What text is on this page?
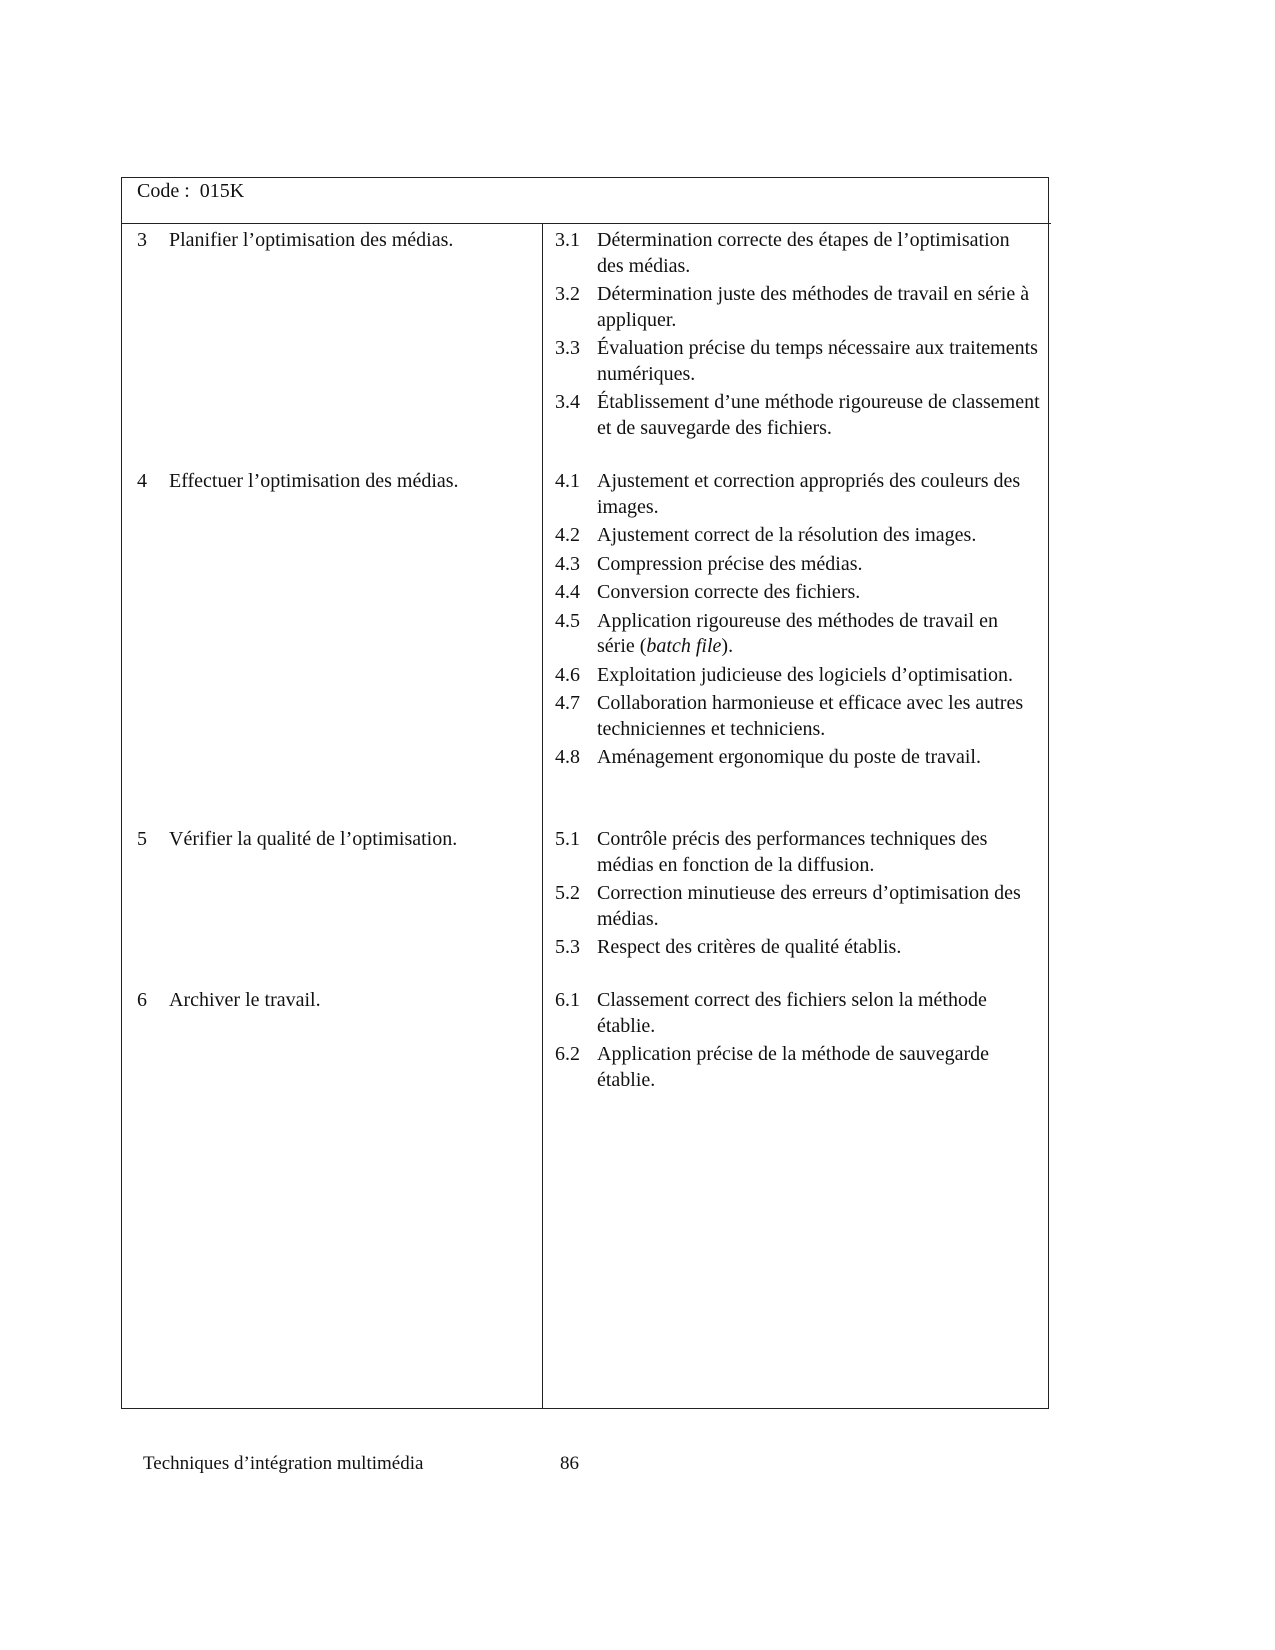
Code : 015K
3 Planifier l’optimisation des médias.	3.1 Détermination correcte des étapes de l’optimisation des médias.
3.2 Détermination juste des méthodes de travail en série à appliquer.
3.3 Évaluation précise du temps nécessaire aux traitements numériques.
3.4 Établissement d’une méthode rigoureuse de classement et de sauvegarde des fichiers.
4 Effectuer l’optimisation des médias.	4.1 Ajustement et correction appropriés des couleurs des images.
4.2 Ajustement correct de la résolution des images.
4.3 Compression précise des médias.
4.4 Conversion correcte des fichiers.
4.5 Application rigoureuse des méthodes de travail en série (batch file).
4.6 Exploitation judicieuse des logiciels d’optimisation.
4.7 Collaboration harmonieuse et efficace avec les autres techniciennes et techniciens.
4.8 Aménagement ergonomique du poste de travail.
5 Vérifier la qualité de l’optimisation.	5.1 Contrôle précis des performances techniques des médias en fonction de la diffusion.
5.2 Correction minutieuse des erreurs d’optimisation des médias.
5.3 Respect des critères de qualité établis.
6 Archiver le travail.	6.1 Classement correct des fichiers selon la méthode établie.
6.2 Application précise de la méthode de sauvegarde établie.
Techniques d’intégration multimédia	86
